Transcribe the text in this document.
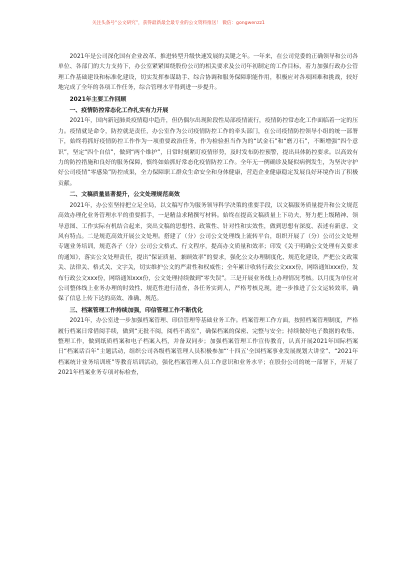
关注头条号“公文研究”，获得最新最全最专业的公文资料推送！ 微信：gongwenzz1

2021年是公司深化国有企业改革、推进转型升级快速发展的关键之年。一年来，在公司党委的正确领导和公司各单位、各部门的大力支持下，办公室紧紧围绕股份公司的相关要求及公司年初制定的工作目标，着力加强行政办公管理工作基础建设和标准化建设，切实发挥参谋助手、综合协调和服务保障职能作用，积极应对各项困难和挑战，较好地完成了全年的各项工作任务，综合管理水平得到进一步提升。

2021年主要工作回顾

一、疫情防控常态化工作扎实有力开展

2021年，国内新冠肺炎疫情稳中趋升，但仍偶尔出现阶段性局部疫情流行，疫情防控常态化工作面临着一定的压力。疫情就是命令，防控就是责任，办公室作为公司疫情防控工作的牵头部门，在公司疫情防控领导小组的统一部署下，始终将抓好疫情防控工作作为一项重要政治任务，作为检验担当作为的“试金石”和“磨刀石”，不断增强“四个意识”，坚定“四个自信”，做到“两个维护”，日常时刻紧盯疫情形势，及时发布防控预警，提出具体防控要求。以高效有力的防控措施和良好的服务保障，慎终如始抓好常态化疫情防控工作。全年无一例确诊及疑似病例发生，为坚决守护好公司疫情“零感染”防控成果，全力保障职工群众生命安全和身体健康，营造企业健康稳定发展良好环境作出了积极贡献。

二、文稿质量显著提升，公文处理规范高效

2021年，办公室坚持把立足全局，以文稿写作为服务领导科学决策的重要手段，以文稿服务质量提升和公文规范高效办理化业务管理水平的重要抓手，一是精益求精撰写材料。始终在提高文稿质量上下功夫，努力把上级精神、领导意图、工作实际有机结合起来，突出文稿的思想性、政策性、针对性和实效性，做到思想有深度、表述有新意、文风有特点。二是规范高效开展公文处理。搭建了（分）公司公文处理线上流转平台，组织开展了（分）公司公文处理专题业务培训，规范各子（分）公司公文格式、行文程序，提高办文质量和效率；印发《关于明确公文处理有关要求的通知》，落实公文处理责任，提出“保证质量、兼顾效率”的要求，强化公文办理制度化、规范化建设，严把公文政策关、法律关、格式关、文字关，切实维护公文的严肃性和权威性；全年累计收转行政公文xxx份，网络通知xxx份，发布行政公文xxx份，网络通知xxx份，公文处理持续做到“零失误”。三是开展业务线上办理情况考核。以月度为单位对公司整体线上业务办理的时效性、规范性进行清查，各任务实到人，严格考核兑现，进一步推进了公文运转效率，确保了信息上传下达的高效、准确、规范。

三、档案管理工作持续加强，印信管理工作不断优化

2021年，办公室进一步加强档案管理、印信管理等基础业务工作。档案管理工作方面，按照档案管理制度，严格履行档案日常借阅手续，做到“无批不阅，阅档不离室”，确保档案的保密、完整与安全；持续做好电子数据的收集、整理工作，做到纸质档案和电子档案入档，并备双同步；加强档案管理工作宣传教育，认真开展2021年国际档案日“档案话百年”主题活动，组织公司各级档案管理人员积极参加“‘十四五’全国档案事业发展规划大讲堂”、“2021年档案统计业务培训班”等教育培训活动，强化档案管理人员工作意识和业务水平；在股份公司的统一部署下，开展了2021年档案业务专项对标检查，
